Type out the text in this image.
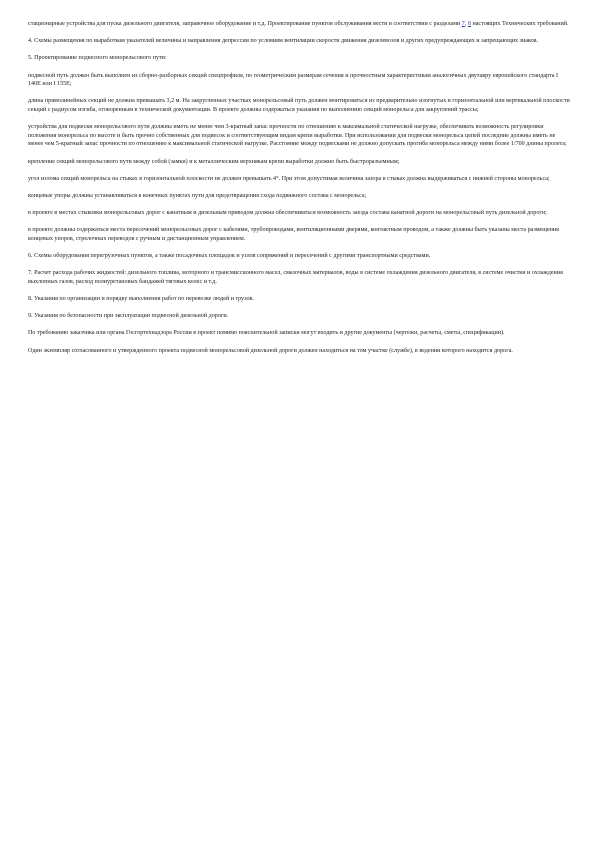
стационарные устройства для пуска дизельного двигателя, заправочное оборудование и т.д. Проектирование пунктов обслуживания вести в соответствии с разделами 7, 8 настоящих Технических требований.

4. Схемы размещения по выработкам указателей величины и направления депрессии по условиям вентиляции скорости движения дизелевозов и других предупреждающих и запрещающих знаков.

5. Проектирование подвесного монорельсового пути:

подвесной путь должен быть выполнен из сборно-разборных секций спецпрофиля, по геометрическим размерам сечения и прочностным характеристикам аналогичных двутавру европейского стандарта I 140E или I 155E;

длина прямолинейных секций не должна превышать 3,2 м. На закругленных участках монорельсовый путь должен монтироваться из предварительно изогнутых в горизонтальной или вертикальной плоскости секций с радиусом изгиба, оговоренным в технической документации. В проекте должны содержаться указания по выполнению секций монорельса для закруглений трассы;

устройства для подвески монорельсового пути должны иметь не менее чем 3-кратный запас прочности по отношению к максимальной статической нагрузке, обеспечивать возможность регулировки положения монорельса по высоте и быть прочно собственных для подвесок и соответствующим видам крепи выработки. При использовании для подвески монорельса цепей последние должны иметь не менее чем 5-кратный запас прочности по отношению к максимальной статической нагрузке. Расстояние между подвесками не должно допускать прогиба монорельса между ними более 1/700 длины пролета;

крепление секций монорельсового пути между собой (замки) и к металлическим верхнякам крепи выработки должно быть быстроразъемным;

угол излома секций монорельса на стыках в горизонтальной плоскости не должен превышать 4°. При этом допустимая величина зазора в стыках должна выдерживаться с нижней стороны монорельса;

концевые упоры должны устанавливаться в конечных пунктах пути для предотвращения схода подвижного состава с монорельса;

в проекте в местах стыковки монорельсовых дорог с канатным и дизельным приводом должна обеспечиваться возможность заезда состава канатной дороги на монорельсовый путь дизельной дороги;

в проекте должны содержаться места пересечений монорельсовых дорог с кабелями, трубопроводами, вентиляционными дверями, контактным проводом, а также должны быть указаны места размещения концевых упоров, стрелочных переводов с ручным и дистанционным управлением.

6. Схемы оборудования перегрузочных пунктов, а также посадочных площадок и узлов сопряжений и пересечений с другими транспортными средствами.

7. Расчет расхода рабочих жидкостей: дизельного топлива, моторного и трансмиссионного масел, смазочных материалов, воды в системе охлаждения дизельного двигателя, в системе очистки и охлаждения выхлопных газов, расход полиуретановых бандажей тяговых колес и т.д.

8. Указания по организации и порядку выполнения работ по перевозке людей и грузов.

9. Указания по безопасности при эксплуатации подвесной дизельной дороги.

По требованию заказчика или органа Госгортехнадзора России в проект помимо пояснительной записки могут входить и другие документы (чертежи, расчеты, сметы, спецификации).

Один экземпляр согласованного и утвержденного проекта подвесной монорельсовой дизельной дороги должен находиться на том участке (службе), в ведении которого находится дорога.
